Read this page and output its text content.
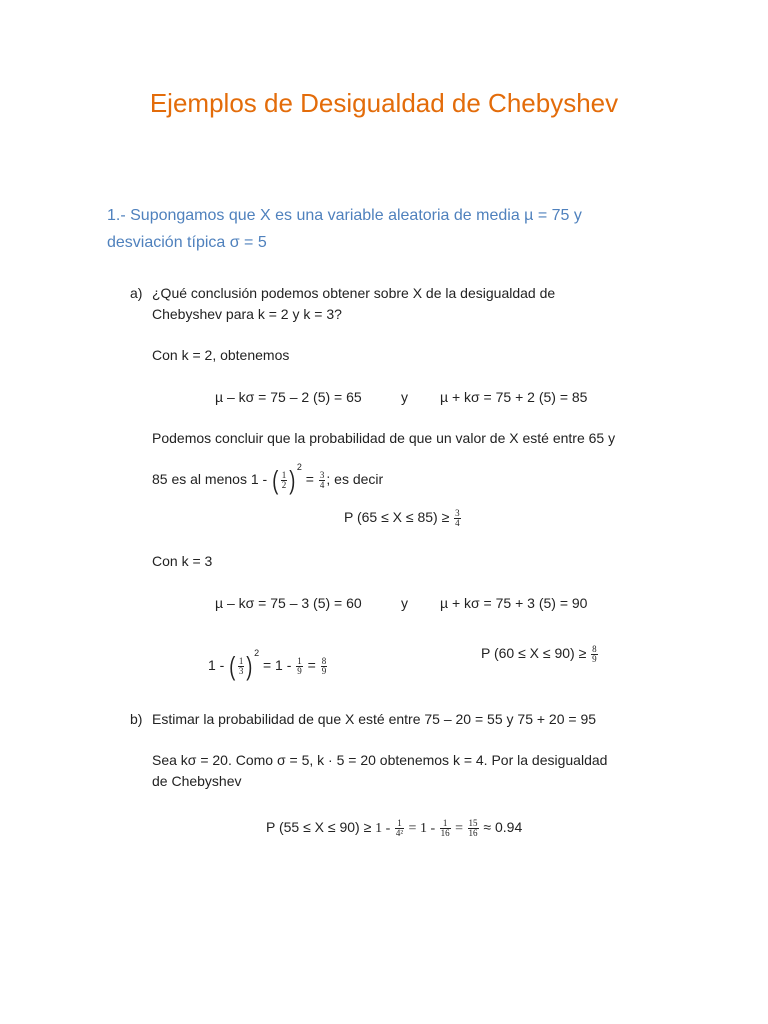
Ejemplos de Desigualdad de Chebyshev
1.- Supongamos que X es una variable aleatoria de media µ = 75 y
desviación típica σ = 5
a) ¿Qué conclusión podemos obtener sobre X de la desigualdad de
Chebyshev para k = 2 y k = 3?
Con k = 2, obtenemos
µ – kσ = 75 – 2 (5) = 65	y µ + kσ = 75 + 2 (5) = 85
Podemos concluir que la probabilidad de que un valor de X esté entre 65 y
85 es al menos 1 - ( $\frac{1}{2} )^2 = \frac{3}{4}$ ; es decir
P $(65 \le X \le 85) \ge \frac{3}{4}$
Con k = 3
µ – kσ = 75 – 3 (5) = 60	y µ + kσ = 75 + 3 (5) = 90
1 - ( $\frac{1}{3} )^2 = 1 - \frac{1}{9} = \frac{8}{9}$
P $(60 \le X \le 90) \ge \frac{8}{9}$
b) Estimar la probabilidad de que X esté entre 75 – 20 = 55 y 75 + 20 = 95
Sea kσ = 20. Como σ = 5, k · 5 = 20 obtenemos k = 4. Por la desigualdad
de Chebyshev
P $(55 \le X \le 90) \ge 1 - \frac{1}{\text{4²}} = 1 - \frac{1}{16} = \frac{15}{16} \approx 0.94$
